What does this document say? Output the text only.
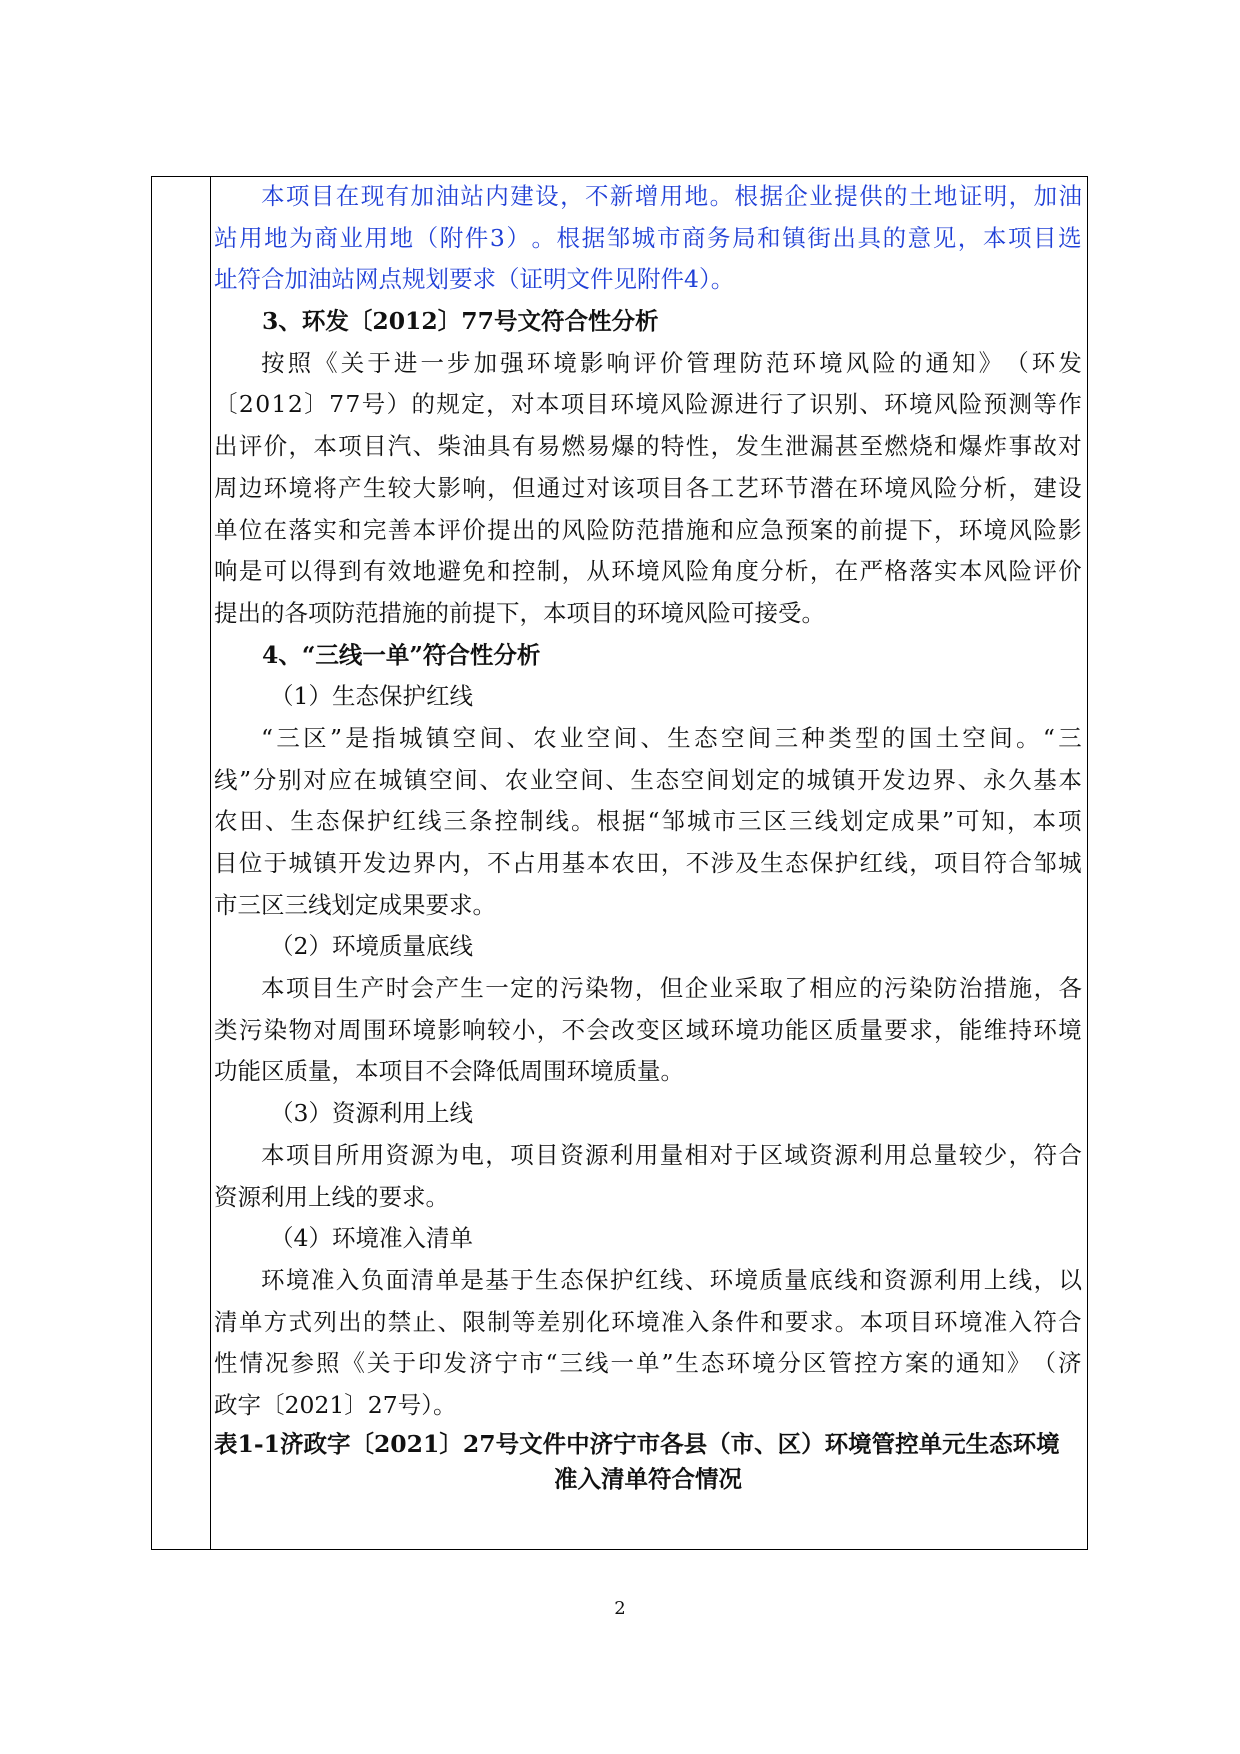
本 项 目 在 现 有 加 油 站 内 建 设 ， 不 新 增 用 地 。 根 据 企 业 提 供 的 土 地 证 明 ， 加 油
站 用 地 为 商 业 用 地 （ 附 件 3 ） 。 根 据 邹 城 市 商 务 局 和 镇 街 出 具 的 意 见 ， 本 项 目 选
址符合加油站网点规划要求（证明文件见附件4）。
3、环发〔2012〕77号文符合性分析
按 照 《 关 于 进 一 步 加 强 环 境 影 响 评 价 管 理 防 范 环 境 风 险 的 通 知 》 （ 环 发
〔 2 0 1 2 〕 7 7 号 ） 的 规 定 ， 对 本 项 目 环 境 风 险 源 进 行 了 识 别 、 环 境 风 险 预 测 等 作
出 评 价 ， 本 项 目 汽 、 柴 油 具 有 易 燃 易 爆 的 特 性 ， 发 生 泄 漏 甚 至 燃 烧 和 爆 炸 事 故 对
周 边 环 境 将 产 生 较 大 影 响 ， 但 通 过 对 该 项 目 各 工 艺 环 节 潜 在 环 境 风 险 分 析 ， 建 设
单 位 在 落 实 和 完 善 本 评 价 提 出 的 风 险 防 范 措 施 和 应 急 预 案 的 前 提 下 ， 环 境 风 险 影
响 是 可 以 得 到 有 效 地 避 免 和 控 制 ， 从 环 境 风 险 角 度 分 析 ， 在 严 格 落 实 本 风 险 评 价
提出的各项防范措施的前提下，本项目的环境风险可接受。
4、“三线一单”符合性分析
（1）生态保护红线
“ 三 区 ” 是 指 城 镇 空 间 、 农 业 空 间 、 生 态 空 间 三 种 类 型 的 国 土 空 间 。 “ 三
线 ” 分 别 对 应 在 城 镇 空 间 、 农 业 空 间 、 生 态 空 间 划 定 的 城 镇 开 发 边 界 、 永 久 基 本
农 田 、 生 态 保 护 红 线 三 条 控 制 线 。 根 据 “ 邹 城 市 三 区 三 线 划 定 成 果 ” 可 知 ， 本 项
目 位 于 城 镇 开 发 边 界 内 ， 不 占 用 基 本 农 田 ， 不 涉 及 生 态 保 护 红 线 ， 项 目 符 合 邹 城
市三区三线划定成果要求。
（2）环境质量底线
本 项 目 生 产 时 会 产 生 一 定 的 污 染 物 ， 但 企 业 采 取 了 相 应 的 污 染 防 治 措 施 ， 各
类 污 染 物 对 周 围 环 境 影 响 较 小 ， 不 会 改 变 区 域 环 境 功 能 区 质 量 要 求 ， 能 维 持 环 境
功能区质量，本项目不会降低周围环境质量。
（3）资源利用上线
本 项 目 所 用 资 源 为 电 ， 项 目 资 源 利 用 量 相 对 于 区 域 资 源 利 用 总 量 较 少 ， 符 合
资源利用上线的要求。
（4）环境准入清单
环 境 准 入 负 面 清 单 是 基 于 生 态 保 护 红 线 、 环 境 质 量 底 线 和 资 源 利 用 上 线 ， 以
清 单 方 式 列 出 的 禁 止 、 限 制 等 差 别 化 环 境 准 入 条 件 和 要 求 。 本 项 目 环 境 准 入 符 合
性 情 况 参 照 《 关 于 印 发 济 宁 市 “ 三 线 一 单 ” 生 态 环 境 分 区 管 控 方 案 的 通 知 》 （ 济
政字〔2021〕27号）。
表1-1济政字〔2021〕27号文件中济宁市各县（市、区）环境管控单元生态环境
准入清单符合情况
2
